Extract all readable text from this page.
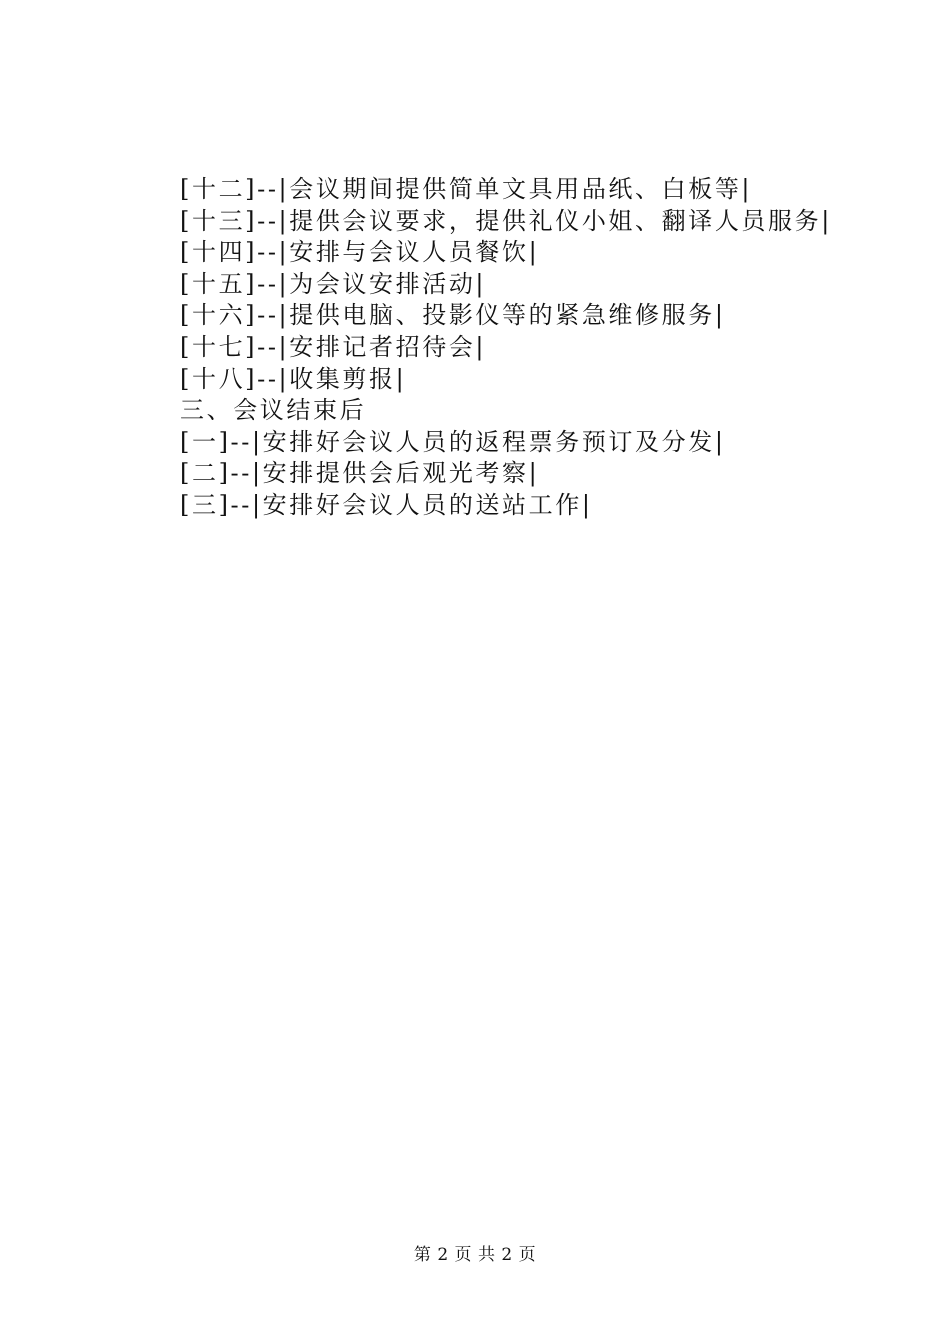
[十二]--|会议期间提供简单文具用品纸、白板等|
[十三]--|提供会议要求，提供礼仪小姐、翻译人员服务|
[十四]--|安排与会议人员餐饮|
[十五]--|为会议安排活动|
[十六]--|提供电脑、投影仪等的紧急维修服务|
[十七]--|安排记者招待会|
[十八]--|收集剪报|
三、会议结束后
[一]--|安排好会议人员的返程票务预订及分发|
[二]--|安排提供会后观光考察|
[三]--|安排好会议人员的送站工作|
第 2 页 共 2 页
